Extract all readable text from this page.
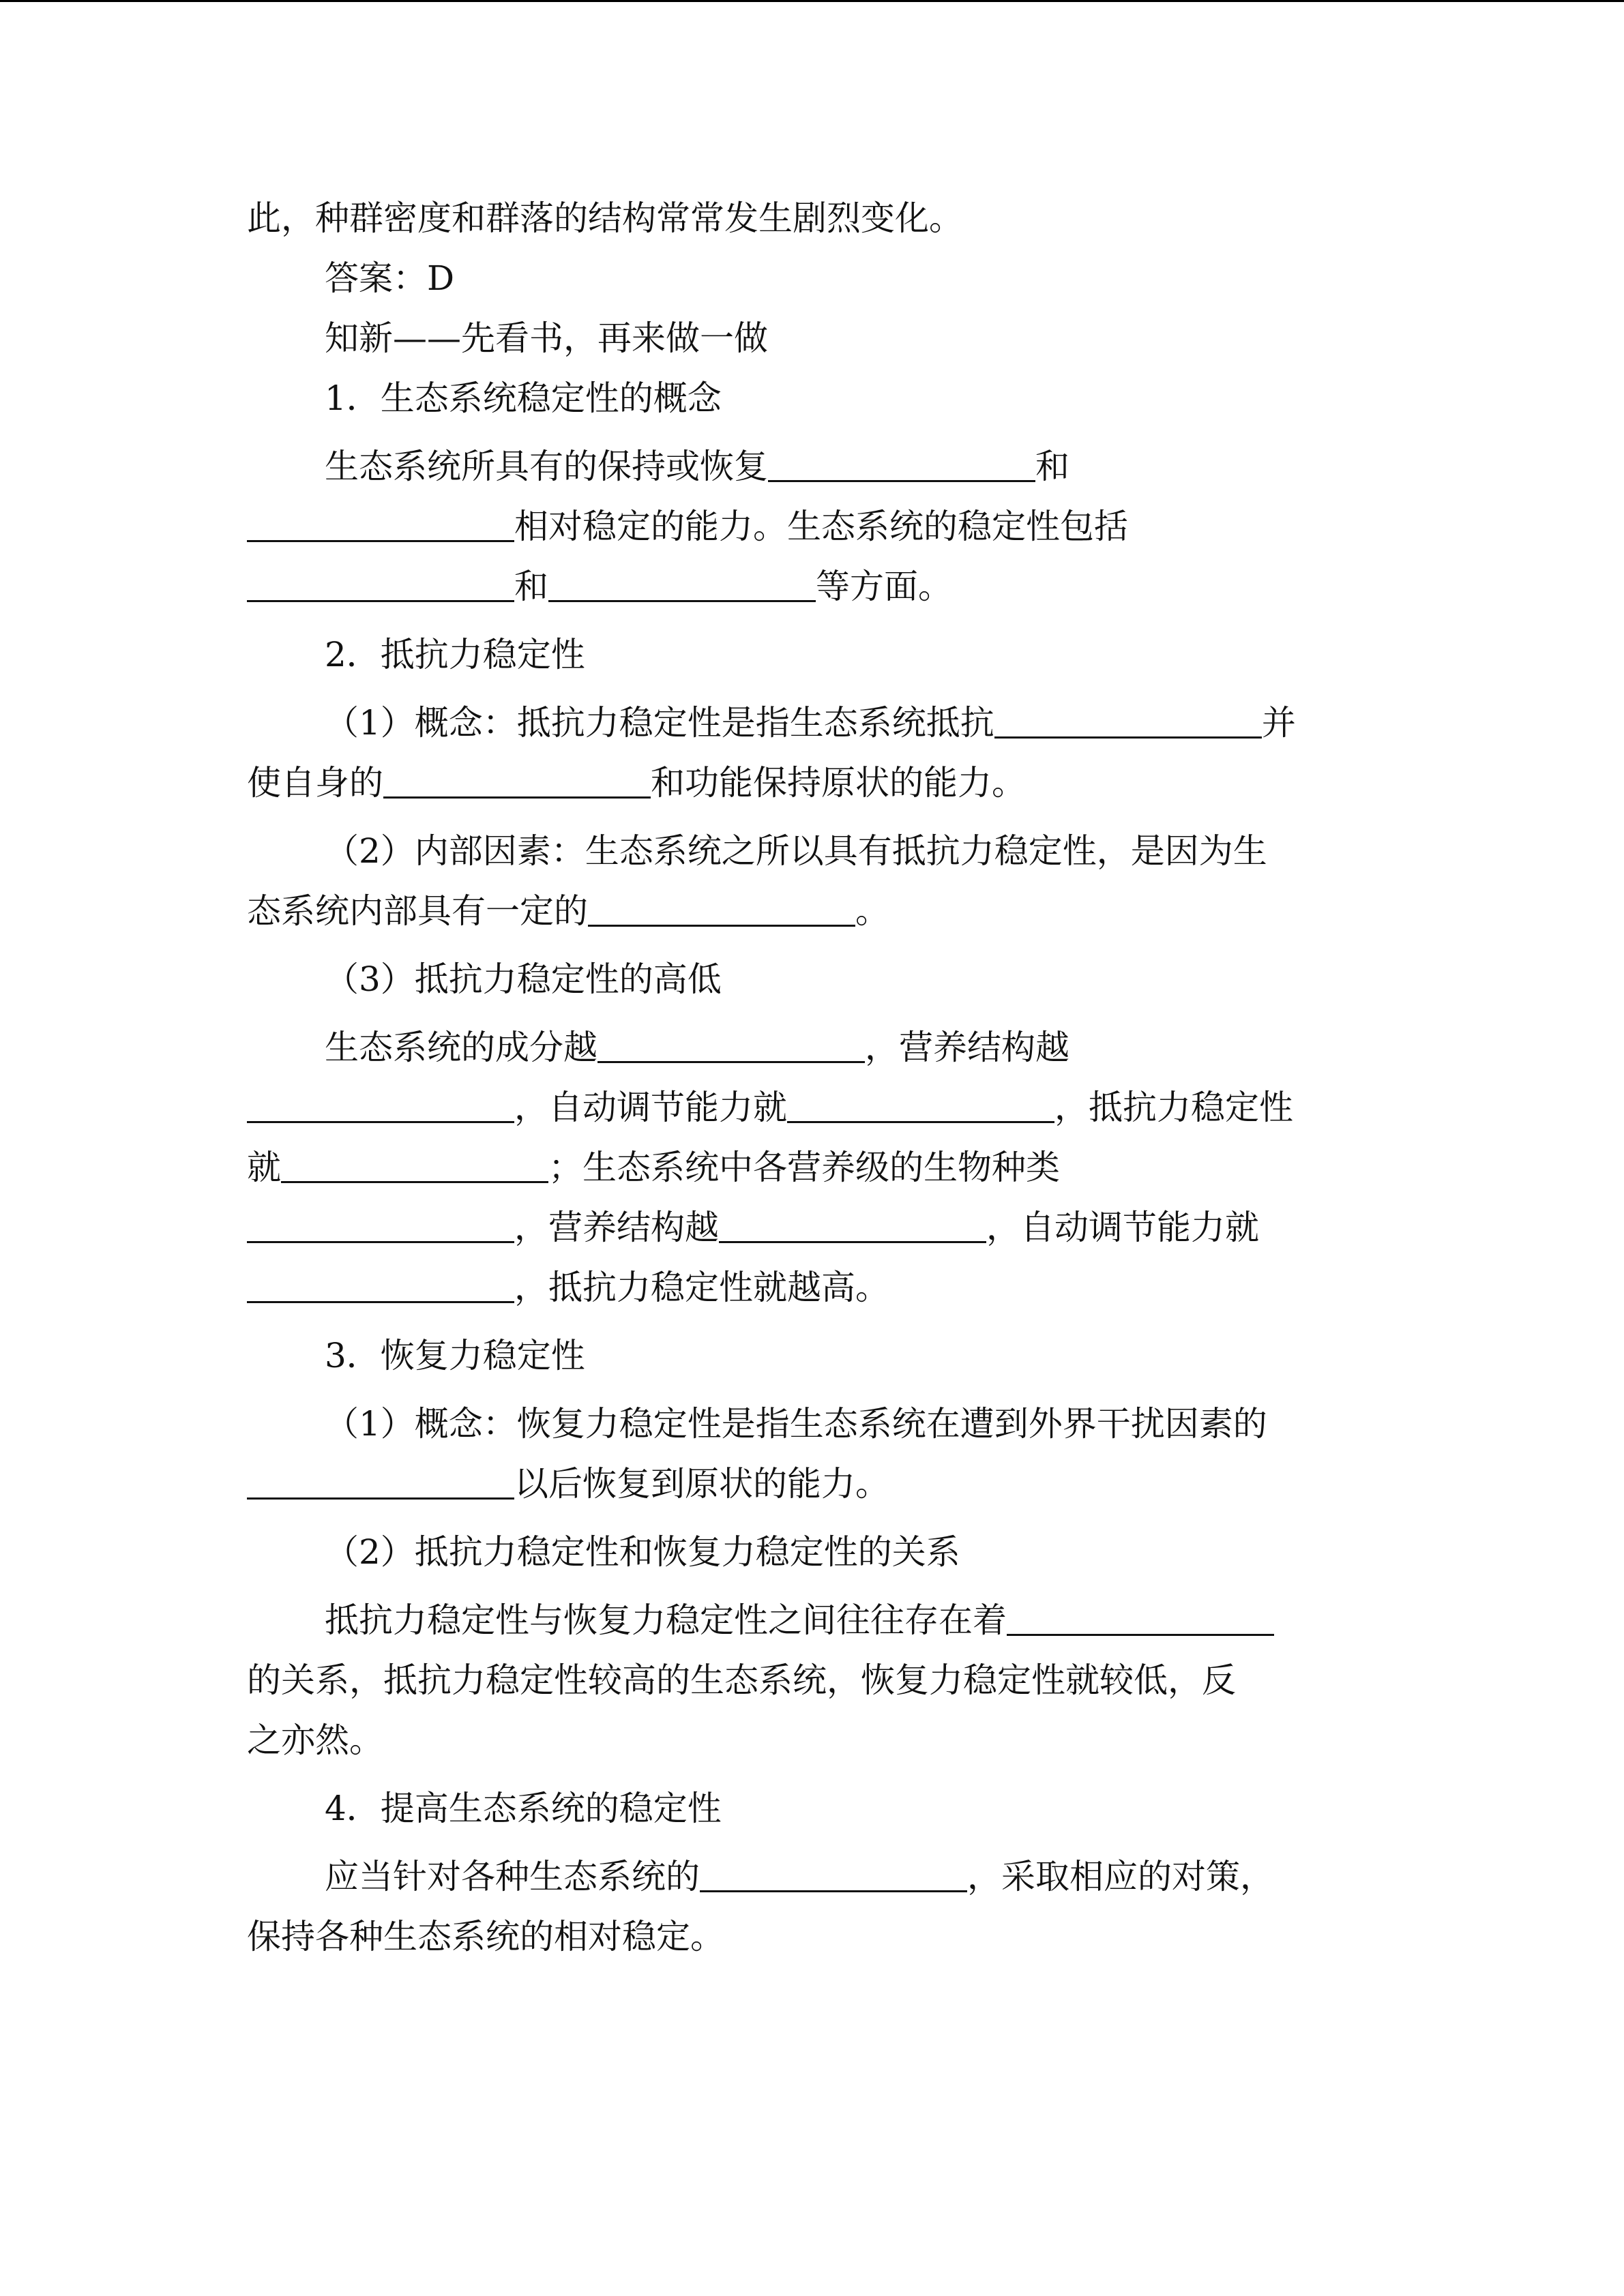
此，种群密度和群落的结构常常发生剧烈变化。

答案：D

知新——先看书，再来做一做

1．生态系统稳定性的概念

生态系统所具有的保持或恢复	和

相对稳定的能力。生态系统的稳定性包括

和	等方面。

2．抵抗力稳定性

（1）概念：抵抗力稳定性是指生态系统抵抗	并

使自身的	和功能保持原状的能力。

（2）内部因素：生态系统之所以具有抵抗力稳定性，是因为生

态系统内部具有一定的	。

（3）抵抗力稳定性的高低

生态系统的成分越	，营养结构越

，自动调节能力就	，抵抗力稳定性

就	；生态系统中各营养级的生物种类

，营养结构越	，自动调节能力就

，抵抗力稳定性就越高。

3．恢复力稳定性

（1）概念：恢复力稳定性是指生态系统在遭到外界干扰因素的

以后恢复到原状的能力。

（2）抵抗力稳定性和恢复力稳定性的关系

抵抗力稳定性与恢复力稳定性之间往往存在着

的关系，抵抗力稳定性较高的生态系统，恢复力稳定性就较低，反

之亦然。

4．提高生态系统的稳定性

应当针对各种生态系统的	，采取相应的对策，

保持各种生态系统的相对稳定。
